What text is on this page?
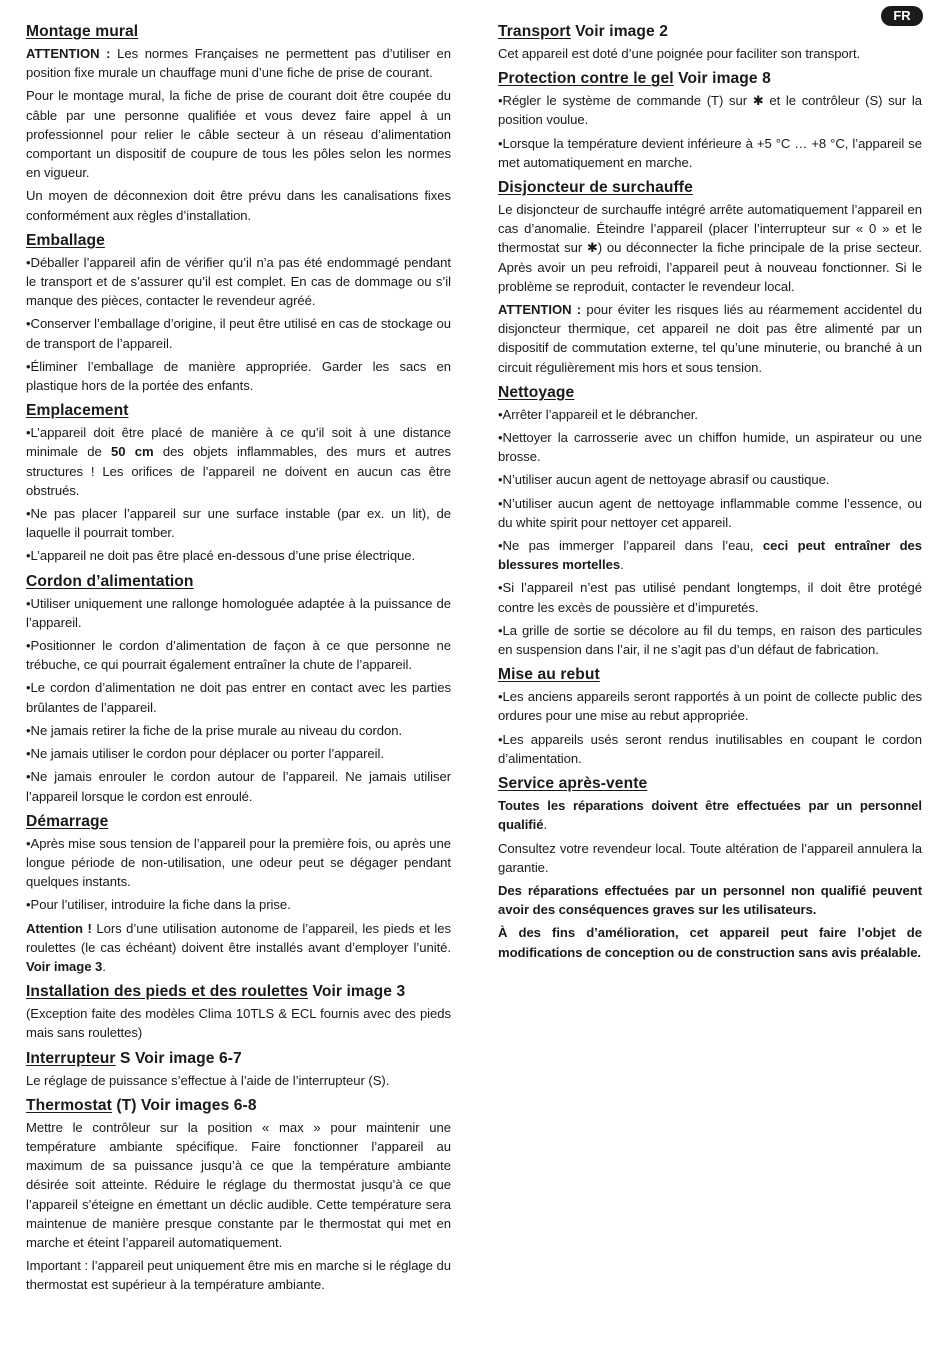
FR
Montage mural

ATTENTION : Les normes Françaises ne permettent pas d’utiliser en position fixe murale un chauffage muni d’une fiche de prise de courant.

Pour le montage mural, la fiche de prise de courant doit être coupée du câble par une personne qualifiée et vous devez faire appel à un professionnel pour relier le câble secteur à un réseau d’alimentation comportant un dispositif de coupure de tous les pôles selon les normes en vigueur.

Un moyen de déconnexion doit être prévu dans les canalisations fixes conformément aux règles d’installation.

Emballage

•Déballer l’appareil afin de vérifier qu’il n’a pas été endommagé pendant le transport et de s’assurer qu’il est complet. En cas de dommage ou s’il manque des pièces, contacter le revendeur agréé.

•Conserver l’emballage d’origine, il peut être utilisé en cas de stockage ou de transport de l’appareil.

•Éliminer l’emballage de manière appropriée. Garder les sacs en plastique hors de la portée des enfants.

Emplacement

•L’appareil doit être placé de manière à ce qu’il soit à une distance minimale de 50 cm des objets inflammables, des murs et autres structures ! Les orifices de l’appareil ne doivent en aucun cas être obstrués.

•Ne pas placer l’appareil sur une surface instable (par ex. un lit), de laquelle il pourrait tomber.

•L’appareil ne doit pas être placé en-dessous d’une prise électrique.

Cordon d’alimentation

•Utiliser uniquement une rallonge homologuée adaptée à la puissance de l’appareil.

•Positionner le cordon d’alimentation de façon à ce que personne ne trébuche, ce qui pourrait également entraîner la chute de l’appareil.

•Le cordon d’alimentation ne doit pas entrer en contact avec les parties brûlantes de l’appareil.

•Ne jamais retirer la fiche de la prise murale au niveau du cordon.

•Ne jamais utiliser le cordon pour déplacer ou porter l’appareil.

•Ne jamais enrouler le cordon autour de l’appareil. Ne jamais utiliser l’appareil lorsque le cordon est enroulé.

Démarrage

•Après mise sous tension de l’appareil pour la première fois, ou après une longue période de non-utilisation, une odeur peut se dégager pendant quelques instants.

•Pour l’utiliser, introduire la fiche dans la prise.

Attention ! Lors d’une utilisation autonome de l’appareil, les pieds et les roulettes (le cas échéant) doivent être installés avant d’employer l’unité. Voir image 3.

Installation des pieds et des roulettes Voir image 3

(Exception faite des modèles Clima 10TLS & ECL fournis avec des pieds mais sans roulettes)

Interrupteur S Voir image 6-7

Le réglage de puissance s’effectue à l’aide de l’interrupteur (S).

Thermostat (T) Voir images 6-8

Mettre le contrôleur sur la position « max » pour maintenir une température ambiante spécifique. Faire fonctionner l’appareil au maximum de sa puissance jusqu’à ce que la température ambiante désirée soit atteinte. Réduire le réglage du thermostat jusqu’à ce que l’appareil s’éteigne en émettant un déclic audible. Cette température sera maintenue de manière presque constante par le thermostat qui met en marche et éteint l’appareil automatiquement.

Important : l’appareil peut uniquement être mis en marche si le réglage du thermostat est supérieur à la température ambiante.

Transport Voir image 2

Cet appareil est doté d’une poignée pour faciliter son transport.

Protection contre le gel Voir image 8

•Régler le système de commande (T) sur ✱ et le contrôleur (S) sur la position voulue.

•Lorsque la température devient inférieure à +5 °C … +8 °C, l’appareil se met automatiquement en marche.

Disjoncteur de surchauffe

Le disjoncteur de surchauffe intégré arrête automatiquement l’appareil en cas d’anomalie. Éteindre l’appareil (placer l’interrupteur sur « 0 » et le thermostat sur ✱) ou déconnecter la fiche principale de la prise secteur. Après avoir un peu refroidi, l’appareil peut à nouveau fonctionner. Si le problème se reproduit, contacter le revendeur local.

ATTENTION : pour éviter les risques liés au réarmement accidentel du disjoncteur thermique, cet appareil ne doit pas être alimenté par un dispositif de commutation externe, tel qu’une minuterie, ou branché à un circuit régulièrement mis hors et sous tension.

Nettoyage

•Arrêter l’appareil et le débrancher.

•Nettoyer la carrosserie avec un chiffon humide, un aspirateur ou une brosse.

•N’utiliser aucun agent de nettoyage abrasif ou caustique.

•N’utiliser aucun agent de nettoyage inflammable comme l’essence, ou du white spirit pour nettoyer cet appareil.

•Ne pas immerger l’appareil dans l’eau, ceci peut entraîner des blessures mortelles.

•Si l’appareil n’est pas utilisé pendant longtemps, il doit être protégé contre les excès de poussière et d’impuretés.

•La grille de sortie se décolore au fil du temps, en raison des particules en suspension dans l’air, il ne s’agit pas d’un défaut de fabrication.

Mise au rebut

•Les anciens appareils seront rapportés à un point de collecte public des ordures pour une mise au rebut appropriée.

•Les appareils usés seront rendus inutilisables en coupant le cordon d’alimentation.

Service après-vente

Toutes les réparations doivent être effectuées par un personnel qualifié.

Consultez votre revendeur local. Toute altération de l’appareil annulera la garantie.

Des réparations effectuées par un personnel non qualifié peuvent avoir des conséquences graves sur les utilisateurs.

À des fins d’amélioration, cet appareil peut faire l’objet de modifications de conception ou de construction sans avis préalable.
